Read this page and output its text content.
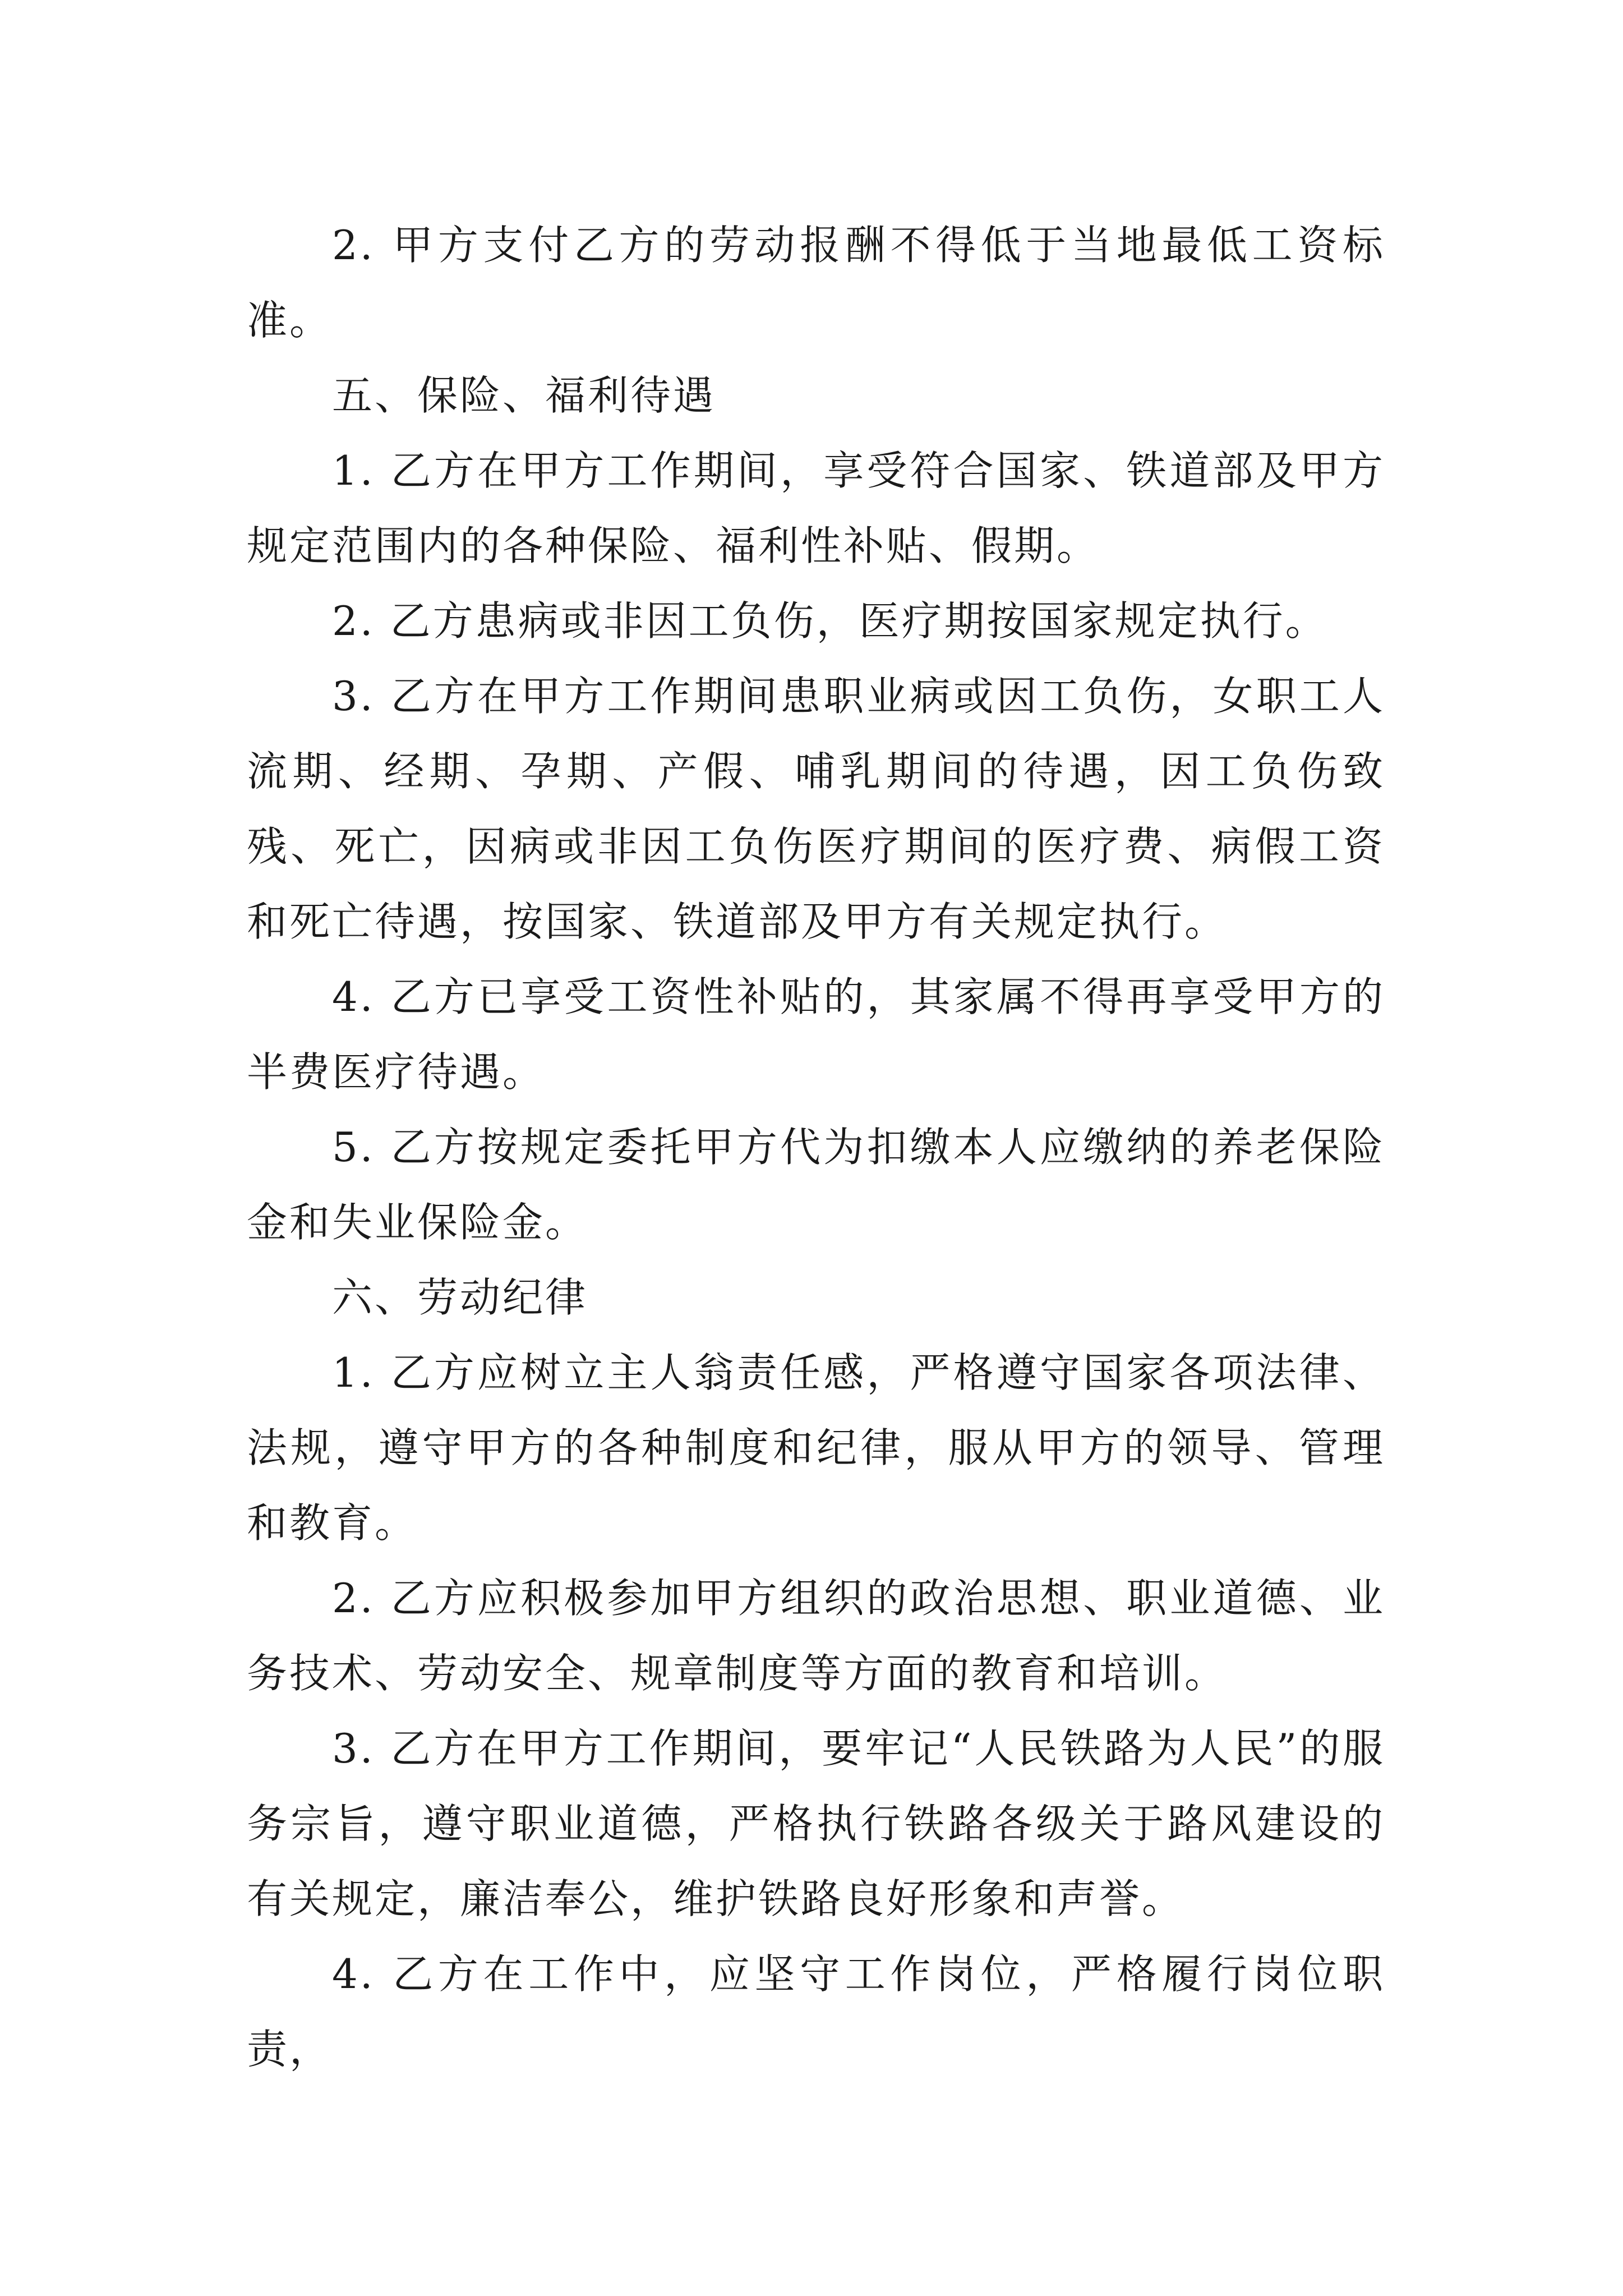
2. 甲方支付乙方的劳动报酬不得低于当地最低工资标准。

五、保险、福利待遇

1. 乙方在甲方工作期间，享受符合国家、铁道部及甲方规定范围内的各种保险、福利性补贴、假期。

2. 乙方患病或非因工负伤，医疗期按国家规定执行。

3. 乙方在甲方工作期间患职业病或因工负伤，女职工人流期、经期、孕期、产假、哺乳期间的待遇，因工负伤致残、死亡，因病或非因工负伤医疗期间的医疗费、病假工资和死亡待遇，按国家、铁道部及甲方有关规定执行。

4. 乙方已享受工资性补贴的，其家属不得再享受甲方的半费医疗待遇。

5. 乙方按规定委托甲方代为扣缴本人应缴纳的养老保险金和失业保险金。

六、劳动纪律

1. 乙方应树立主人翁责任感，严格遵守国家各项法律、法规，遵守甲方的各种制度和纪律，服从甲方的领导、管理和教育。

2. 乙方应积极参加甲方组织的政治思想、职业道德、业务技术、劳动安全、规章制度等方面的教育和培训。

3. 乙方在甲方工作期间，要牢记“人民铁路为人民”的服务宗旨，遵守职业道德，严格执行铁路各级关于路风建设的有关规定，廉洁奉公，维护铁路良好形象和声誉。

4. 乙方在工作中，应坚守工作岗位，严格履行岗位职责，
